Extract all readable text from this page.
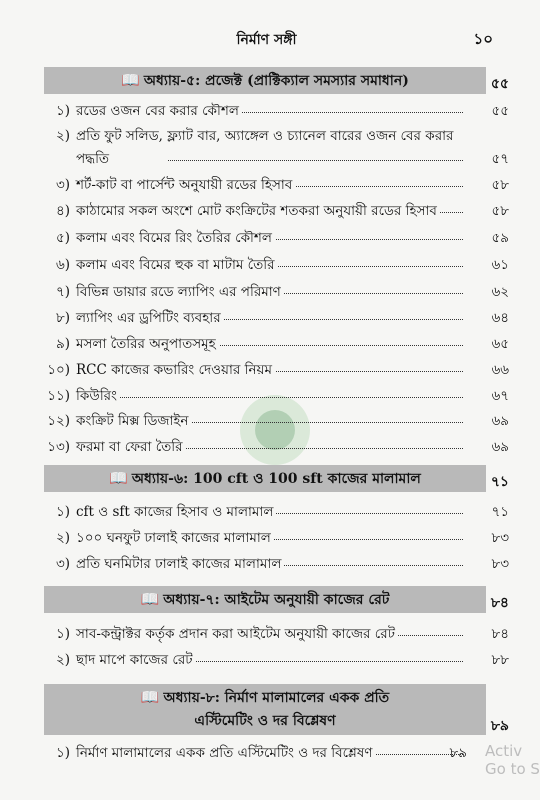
নির্মাণ সঙ্গী	১০
📖 অধ্যায়-৫: প্রজেক্ট (প্রাক্টিক্যাল সমস্যার সমাধান)	৫৫
১) রডের ওজন বের করার কৌশল	৫৫
২) প্রতি ফুট সলিড, ফ্ল্যাট বার, অ্যাঙ্গেল ও চ্যানেল বারের ওজন বের করার পদ্ধতি	৫৭
৩) শর্ট-কাট বা পার্সেন্ট অনুযায়ী রডের হিসাব	৫৮
৪) কাঠামোর সকল অংশে মোট কংক্রিটের শতকরা অনুযায়ী রডের হিসাব	৫৮
৫) কলাম এবং বিমের রিং তৈরির কৌশল	৫৯
৬) কলাম এবং বিমের হুক বা মাটাম তৈরি	৬১
৭) বিভিন্ন ডায়ার রডে ল্যাপিং এর পরিমাণ	৬২
৮) ল্যাপিং এর ড্রপিটিং ব্যবহার	৬৪
৯) মসলা তৈরির অনুপাতসমূহ	৬৫
১০) RCC কাজের কভারিং দেওয়ার নিয়ম	৬৬
১১) কিউরিং	৬৭
১২) কংক্রিট মিক্স ডিজাইন	৬৯
১৩) ফরমা বা ফেরা তৈরি	৬৯
📖 অধ্যায়-৬: 100 cft ও 100 sft কাজের মালামাল	৭১
১) cft ও sft কাজের হিসাব ও মালামাল	৭১
২) ১০০ ঘনফুট ঢালাই কাজের মালামাল	৮৩
৩) প্রতি ঘনমিটার ঢালাই কাজের মালামাল	৮৩
📖 অধ্যায়-৭: আইটেম অনুযায়ী কাজের রেট	৮৪
১) সাব-কন্ট্রাক্টর কর্তৃক প্রদান করা আইটেম অনুযায়ী কাজের রেট	৮৪
২) ছাদ মাপে কাজের রেট	৮৮
📖 অধ্যায়-৮: নির্মাণ মালামালের একক প্রতি
এস্টিমেটিং ও দর বিশ্লেষণ	৮৯
১) নির্মাণ মালামালের একক প্রতি এস্টিমেটিং ও দর বিশ্লেষণ	৮৯ Activ
Go to S
